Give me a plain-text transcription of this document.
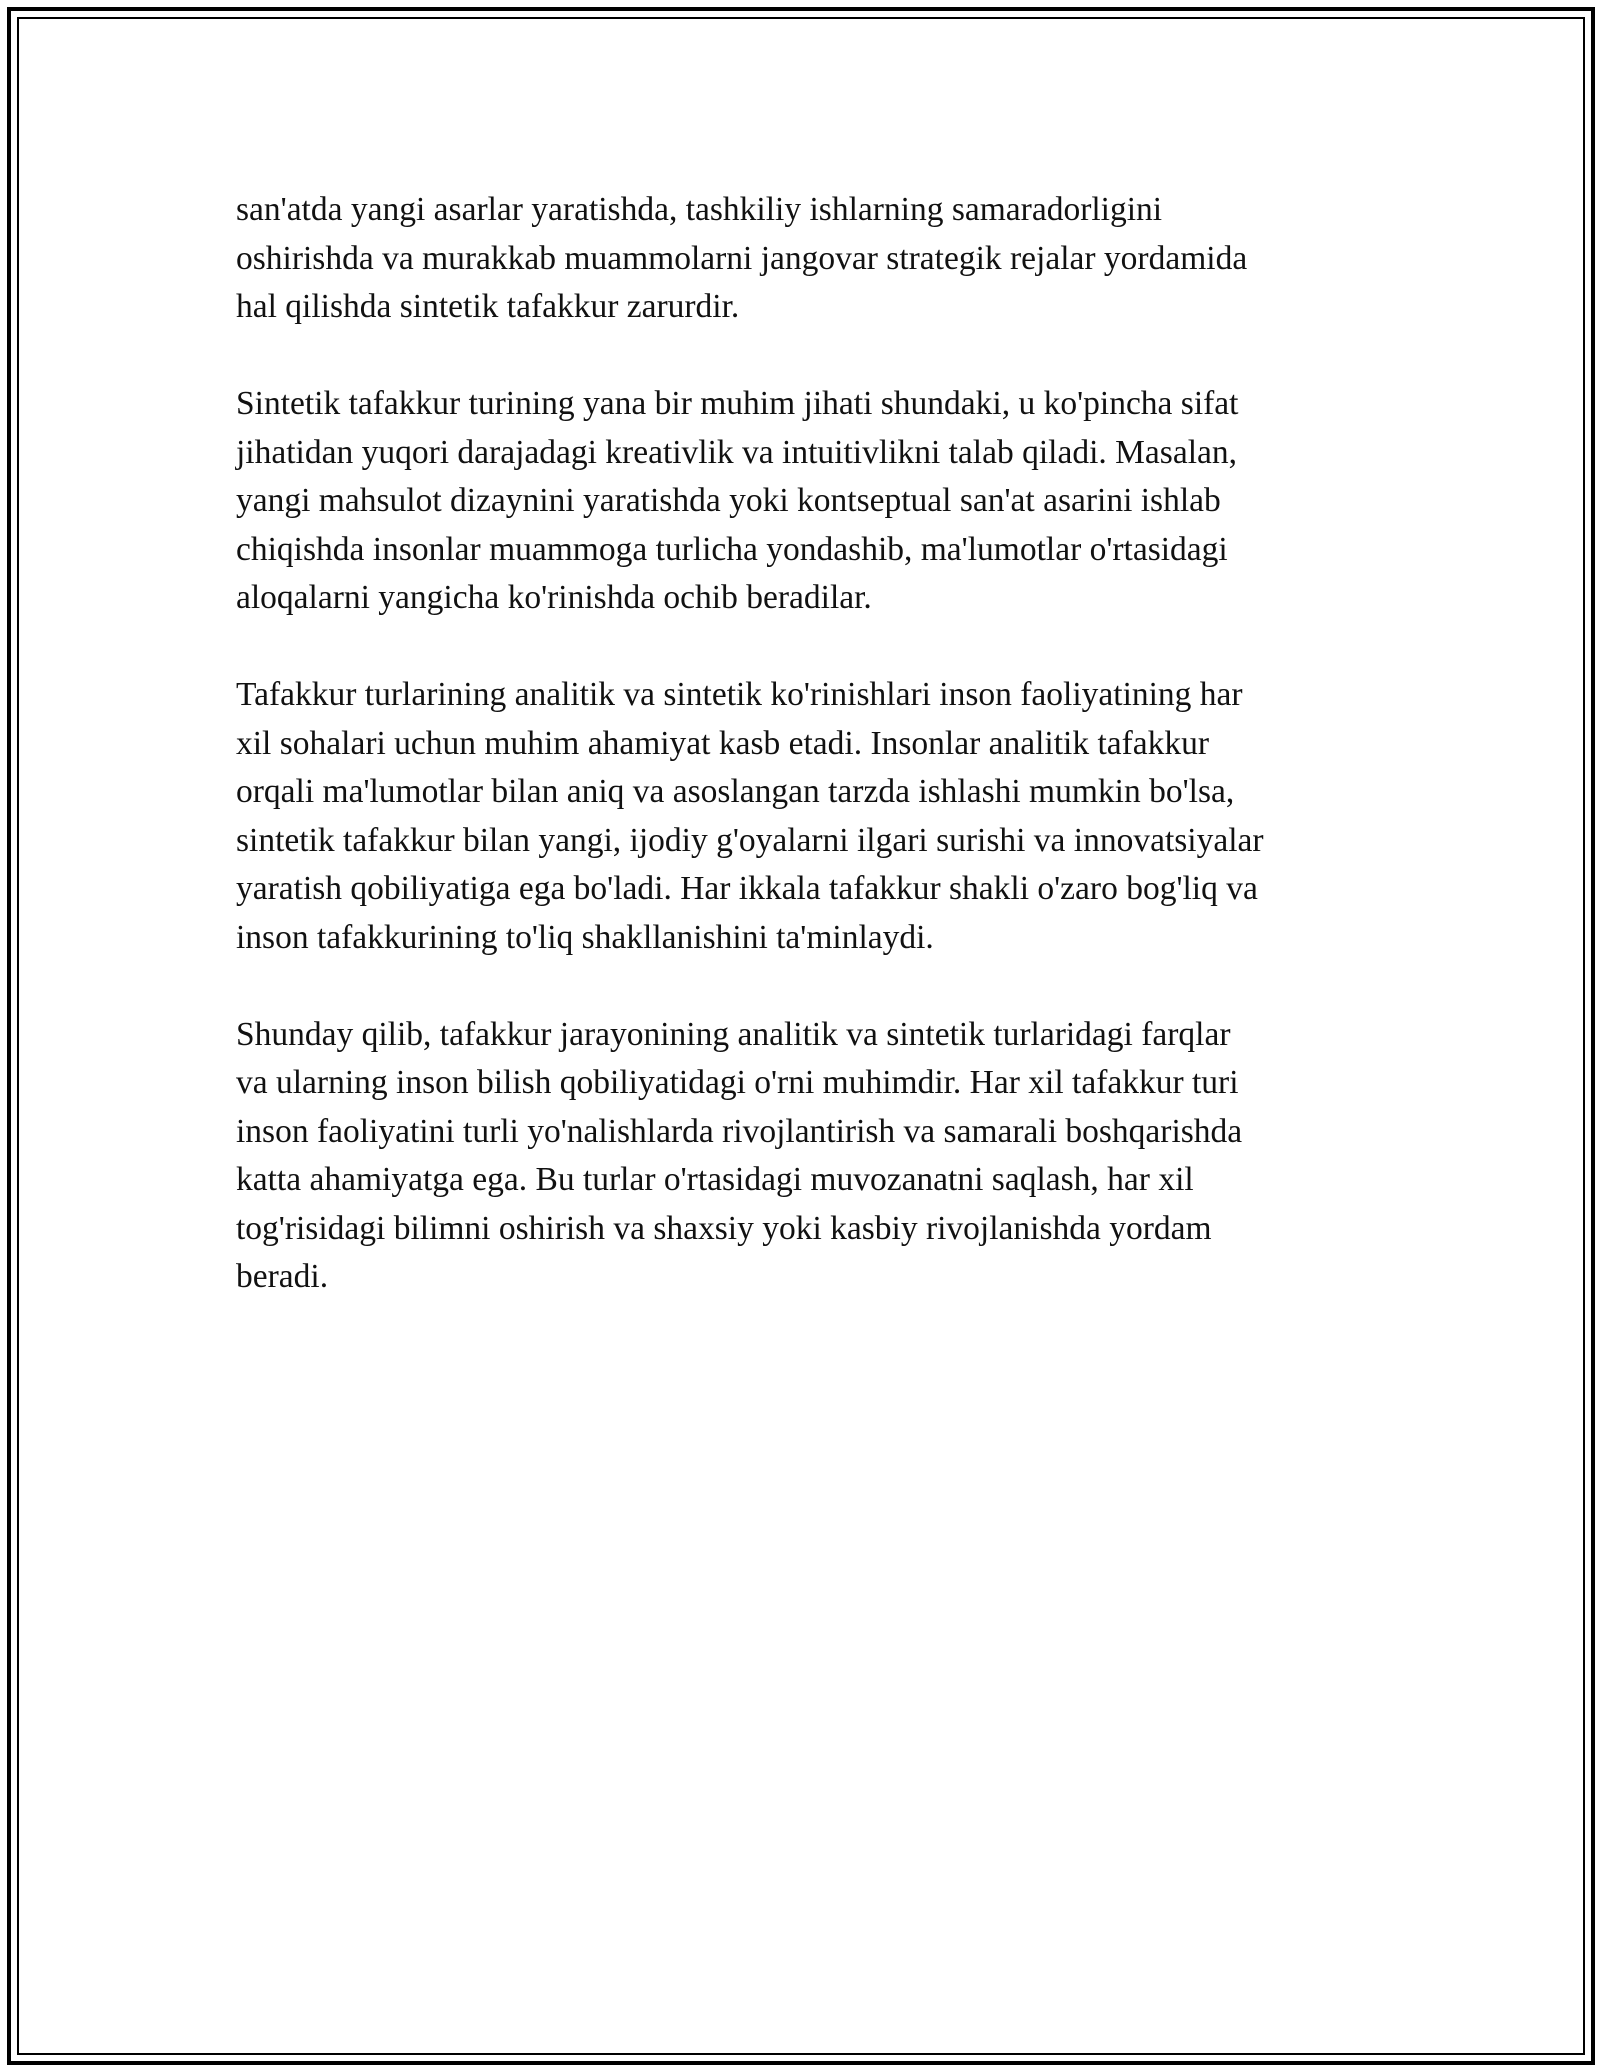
san'atda yangi asarlar yaratishda, tashkiliy ishlarning samaradorligini
oshirishda va murakkab muammolarni jangovar strategik rejalar yordamida
hal qilishda sintetik tafakkur zarurdir.

Sintetik tafakkur turining yana bir muhim jihati shundaki, u ko'pincha sifat
jihatidan yuqori darajadagi kreativlik va intuitivlikni talab qiladi. Masalan,
yangi mahsulot dizaynini yaratishda yoki kontseptual san'at asarini ishlab
chiqishda insonlar muammoga turlicha yondashib, ma'lumotlar o'rtasidagi
aloqalarni yangicha ko'rinishda ochib beradilar.

Tafakkur turlarining analitik va sintetik ko'rinishlari inson faoliyatining har
xil sohalari uchun muhim ahamiyat kasb etadi. Insonlar analitik tafakkur
orqali ma'lumotlar bilan aniq va asoslangan tarzda ishlashi mumkin bo'lsa,
sintetik tafakkur bilan yangi, ijodiy g'oyalarni ilgari surishi va innovatsiyalar
yaratish qobiliyatiga ega bo'ladi. Har ikkala tafakkur shakli o'zaro bog'liq va
inson tafakkurining to'liq shakllanishini ta'minlaydi.

Shunday qilib, tafakkur jarayonining analitik va sintetik turlaridagi farqlar
va ularning inson bilish qobiliyatidagi o'rni muhimdir. Har xil tafakkur turi
inson faoliyatini turli yo'nalishlarda rivojlantirish va samarali boshqarishda
katta ahamiyatga ega. Bu turlar o'rtasidagi muvozanatni saqlash, har xil
tog'risidagi bilimni oshirish va shaxsiy yoki kasbiy rivojlanishda yordam
beradi.
